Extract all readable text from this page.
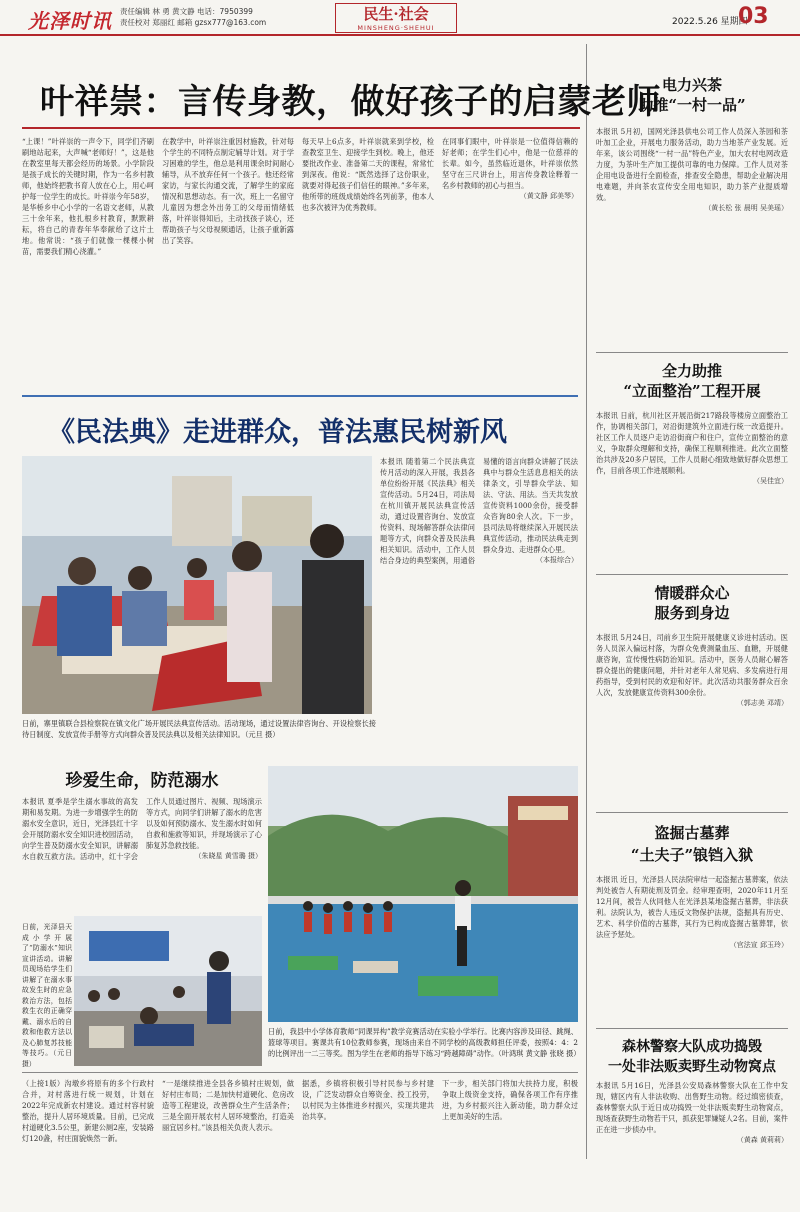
光泽时讯 责任编辑 林 勇 黄文静 电话：7950399
责任校对 郑丽红 邮箱 gzsx777@163.com	民生·社会
MINSHENG·SHEHUI
2022.5.26 星期四
03
叶祥崇：言传身教，做好孩子的启蒙老师
“上课！”叶祥崇的一声令下，同学们齐刷刷地站起来，大声喊“老师好！”，这是他在教室里每天都会经历的场景。小学阶段是孩子成长的关键时期，作为一名乡村教师，他始终把教书育人放在心上，用心呵护每一位学生的成长。叶祥崇今年58岁，是华桥乡中心小学的一名语文老师，从教三十余年来，他扎根乡村教育，默默耕耘，将自己的青春年华奉献给了这片土地。他常说：“孩子们就像一棵棵小树苗，需要我们精心浇灌。”
在教学中，叶祥崇注重因材施教，针对每个学生的不同特点制定辅导计划。对于学习困难的学生，他总是利用课余时间耐心辅导，从不放弃任何一个孩子。他还经常家访，与家长沟通交流，了解学生的家庭情况和思想动态。有一次，班上一名留守儿童因为想念外出务工的父母而情绪低落，叶祥崇得知后，主动找孩子谈心，还帮助孩子与父母视频通话，让孩子重新露出了笑容。
每天早上6点多，叶祥崇就来到学校，检查教室卫生、迎接学生到校。晚上，他还要批改作业、准备第二天的课程，常常忙到深夜。他说：“既然选择了这份职业，就要对得起孩子们信任的眼神。”多年来，他所带的班级成绩始终名列前茅，他本人也多次被评为优秀教师。
在同事们眼中，叶祥崇是一位值得信赖的好老师；在学生们心中，他是一位慈祥的长辈。如今，虽然临近退休，叶祥崇依然坚守在三尺讲台上，用言传身教诠释着一名乡村教师的初心与担当。
（黄文静 邱美琴）
《民法典》走进群众，普法惠民树新风
日前，寨里镇联合县检察院在镇文化广场开展民法典宣传活动。活动现场，通过设置法律咨询台、开设检察长接待日制度、发放宣传手册等方式向群众普及民法典以及相关法律知识。（元旦 摄）
本报讯 随着第二个民法典宣传月活动的深入开展，我县各单位纷纷开展《民法典》相关宣传活动。5月24日，司法局在杭川镇开展民法典宣传活动，通过设置咨询台、发放宣传资料、现场解答群众法律问题等方式，向群众普及民法典相关知识。活动中，工作人员结合身边的典型案例，用通俗易懂的语言向群众讲解了民法典中与群众生活息息相关的法律条文，引导群众学法、知法、守法、用法。当天共发放宣传资料1000余份，接受群众咨询80余人次。下一步，县司法局将继续深入开展民法典宣传活动，推动民法典走到群众身边、走进群众心里。
（本报综合）
珍爱生命，防范溺水
本报讯 夏季是学生溺水事故的高发期和易发期。为进一步增强学生的防溺水安全意识，近日，光泽县红十字会开展防溺水安全知识进校园活动，向学生普及防溺水安全知识，讲解溺水自救互救方法。活动中，红十字会工作人员通过图片、视频、现场演示等方式，向同学们讲解了溺水的危害以及如何预防溺水、发生溺水时如何自救和施救等知识，并现场演示了心肺复苏急救技能。
（朱晓星 黄雪璐 摄）
日前，光泽县天成小学开展了“防溺水”知识宣讲活动。讲解员现场给学生们讲解了在溺水事故发生时的应急救治方法，包括救生衣的正确穿戴、溺水后的自救和他救方法以及心肺复苏技能等技巧。（元日 摄）
日前，我县中小学体育教师“同课异构”教学竞赛活动在实验小学举行。比赛内容涉及田径、跳绳、篮球等项目。赛课共有10位教师参赛，现场由来自不同学校的高级教师担任评委，按照4：4：2的比例评出一二三等奖。图为学生在老师的指导下练习“跨越障碍”动作。（叶鸿琪 黄文静 张晓 摄）
（上接1版）沟墩乡将原有的多个行政村合并，对村落进行统一规划，计划在2022年完成新农村建设。通过村容村貌整治，提升人居环境质量。目前，已完成村道硬化3.5公里，新建公厕2座，安装路灯120盏，村庄面貌焕然一新。
“一是继续推进全县各乡镇村庄规划，做好村庄布局；二是加快村道硬化、危房改造等工程建设，改善群众生产生活条件；三是全面开展农村人居环境整治，打造美丽宜居乡村。”该县相关负责人表示。
据悉，乡镇将积极引导村民参与乡村建设，广泛发动群众自筹资金、投工投劳，以村民为主体推进乡村振兴，实现共建共治共享。
下一步，相关部门将加大扶持力度，积极争取上级资金支持，确保各项工作有序推进，为乡村振兴注入新动能，助力群众过上更加美好的生活。
电力兴茶
助推“一村一品”
本报讯 5月初，国网光泽县供电公司工作人员深入茶园和茶叶加工企业，开展电力服务活动，助力当地茶产业发展。近年来，该公司围绕“一村一品”特色产业，加大农村电网改造力度，为茶叶生产加工提供可靠的电力保障。工作人员对茶企用电设备进行全面检查，排查安全隐患，帮助企业解决用电难题，并向茶农宣传安全用电知识，助力茶产业提质增效。
（黄长松 张 晨明 吴美瑶）
全力助推
“立面整治”工程开展
本报讯 日前，杭川社区开展沿街217路段等楼房立面整治工作，协调相关部门，对沿街建筑外立面进行统一改造提升。社区工作人员逐户走访沿街商户和住户，宣传立面整治的意义，争取群众理解和支持，确保工程顺利推进。此次立面整治共涉及20多户居民，工作人员耐心细致地做好群众思想工作，目前各项工作进展顺利。
（吴佳宜）
情暖群众心
服务到身边
本报讯 5月24日，司前乡卫生院开展健康义诊进村活动。医务人员深入偏远村落，为群众免费测量血压、血糖，开展健康咨询，宣传慢性病防治知识。活动中，医务人员耐心解答群众提出的健康问题，并针对老年人常见病、多发病进行用药指导，受到村民的欢迎和好评。此次活动共服务群众百余人次，发放健康宣传资料300余份。
（郭志美 邓靖）
盗掘古墓葬
“土夫子”锒铛入狱
本报讯 近日，光泽县人民法院审结一起盗掘古墓葬案，依法判处被告人有期徒刑及罚金。经审理查明，2020年11月至12月间，被告人伙同他人在光泽县某地盗掘古墓葬，非法获利。法院认为，被告人违反文物保护法规，盗掘具有历史、艺术、科学价值的古墓葬，其行为已构成盗掘古墓葬罪，依法应予惩处。
（官法宣 邱玉玲）
森林警察大队成功捣毁
一处非法贩卖野生动物窝点
本报讯 5月16日，光泽县公安局森林警察大队在工作中发现，辖区内有人非法收购、出售野生动物。经过缜密侦查，森林警察大队于近日成功捣毁一处非法贩卖野生动物窝点，现场查获野生动物若干只，抓获犯罪嫌疑人2名。目前，案件正在进一步侦办中。
（黄森 黄莉莉）
